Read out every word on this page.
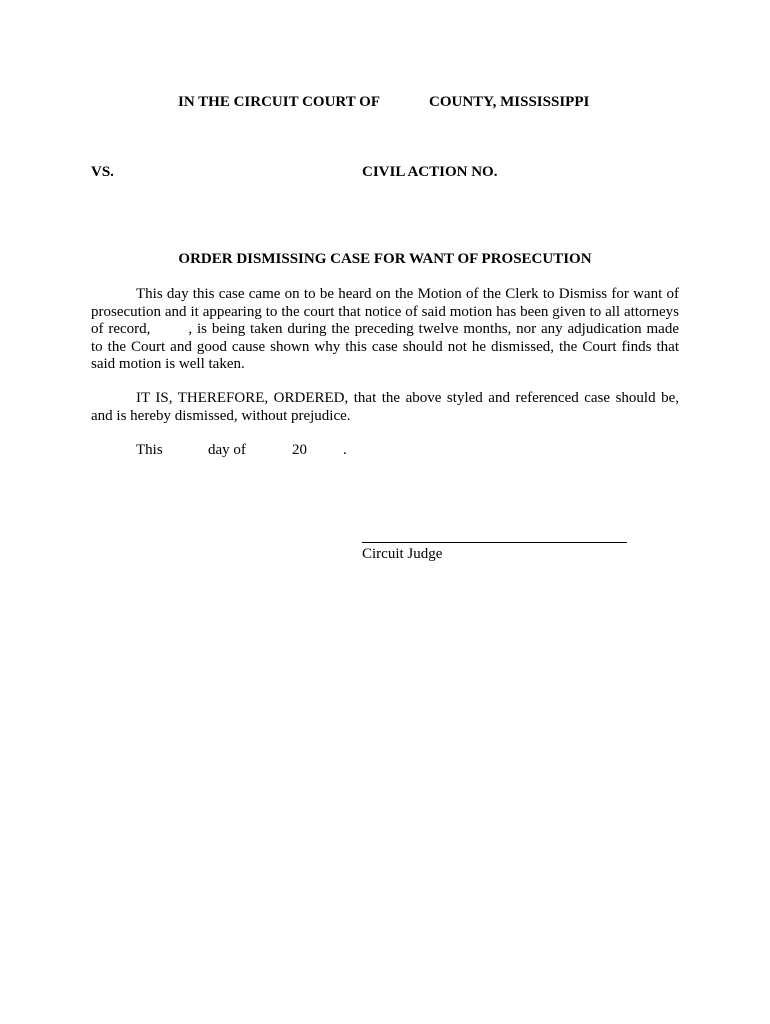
IN THE CIRCUIT COURT OF	COUNTY, MISSISSIPPI
VS.	CIVIL ACTION NO.
ORDER DISMISSING CASE FOR WANT OF PROSECUTION
This day this case came on to be heard on the Motion of the Clerk to Dismiss for want of prosecution and it appearing to the court that notice of said motion has been given to all attorneys of record,	, is being taken during the preceding twelve months, nor any adjudication made to the Court and good cause shown why this case should not he dismissed, the Court finds that said motion is well taken.
IT IS, THEREFORE, ORDERED, that the above styled and referenced case should be, and is hereby dismissed, without prejudice.
This	day of	20 .
Circuit Judge
